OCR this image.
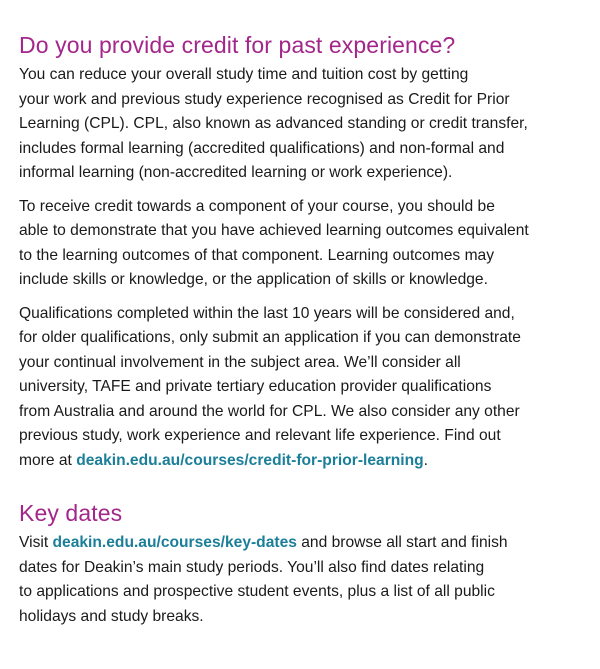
Do you provide credit for past experience?

You can reduce your overall study time and tuition cost by getting
your work and previous study experience recognised as Credit for Prior
Learning (CPL). CPL, also known as advanced standing or credit transfer,
includes formal learning (accredited qualifications) and non-formal and
informal learning (non-accredited learning or work experience).

To receive credit towards a component of your course, you should be
able to demonstrate that you have achieved learning outcomes equivalent
to the learning outcomes of that component. Learning outcomes may
include skills or knowledge, or the application of skills or knowledge.

Qualifications completed within the last 10 years will be considered and,
for older qualifications, only submit an application if you can demonstrate
your continual involvement in the subject area. We’ll consider all
university, TAFE and private tertiary education provider qualifications
from Australia and around the world for CPL. We also consider any other
previous study, work experience and relevant life experience. Find out
more at deakin.edu.au/courses/credit-for-prior-learning.

Key dates

Visit deakin.edu.au/courses/key-dates and browse all start and finish
dates for Deakin’s main study periods. You’ll also find dates relating
to applications and prospective student events, plus a list of all public
holidays and study breaks.
